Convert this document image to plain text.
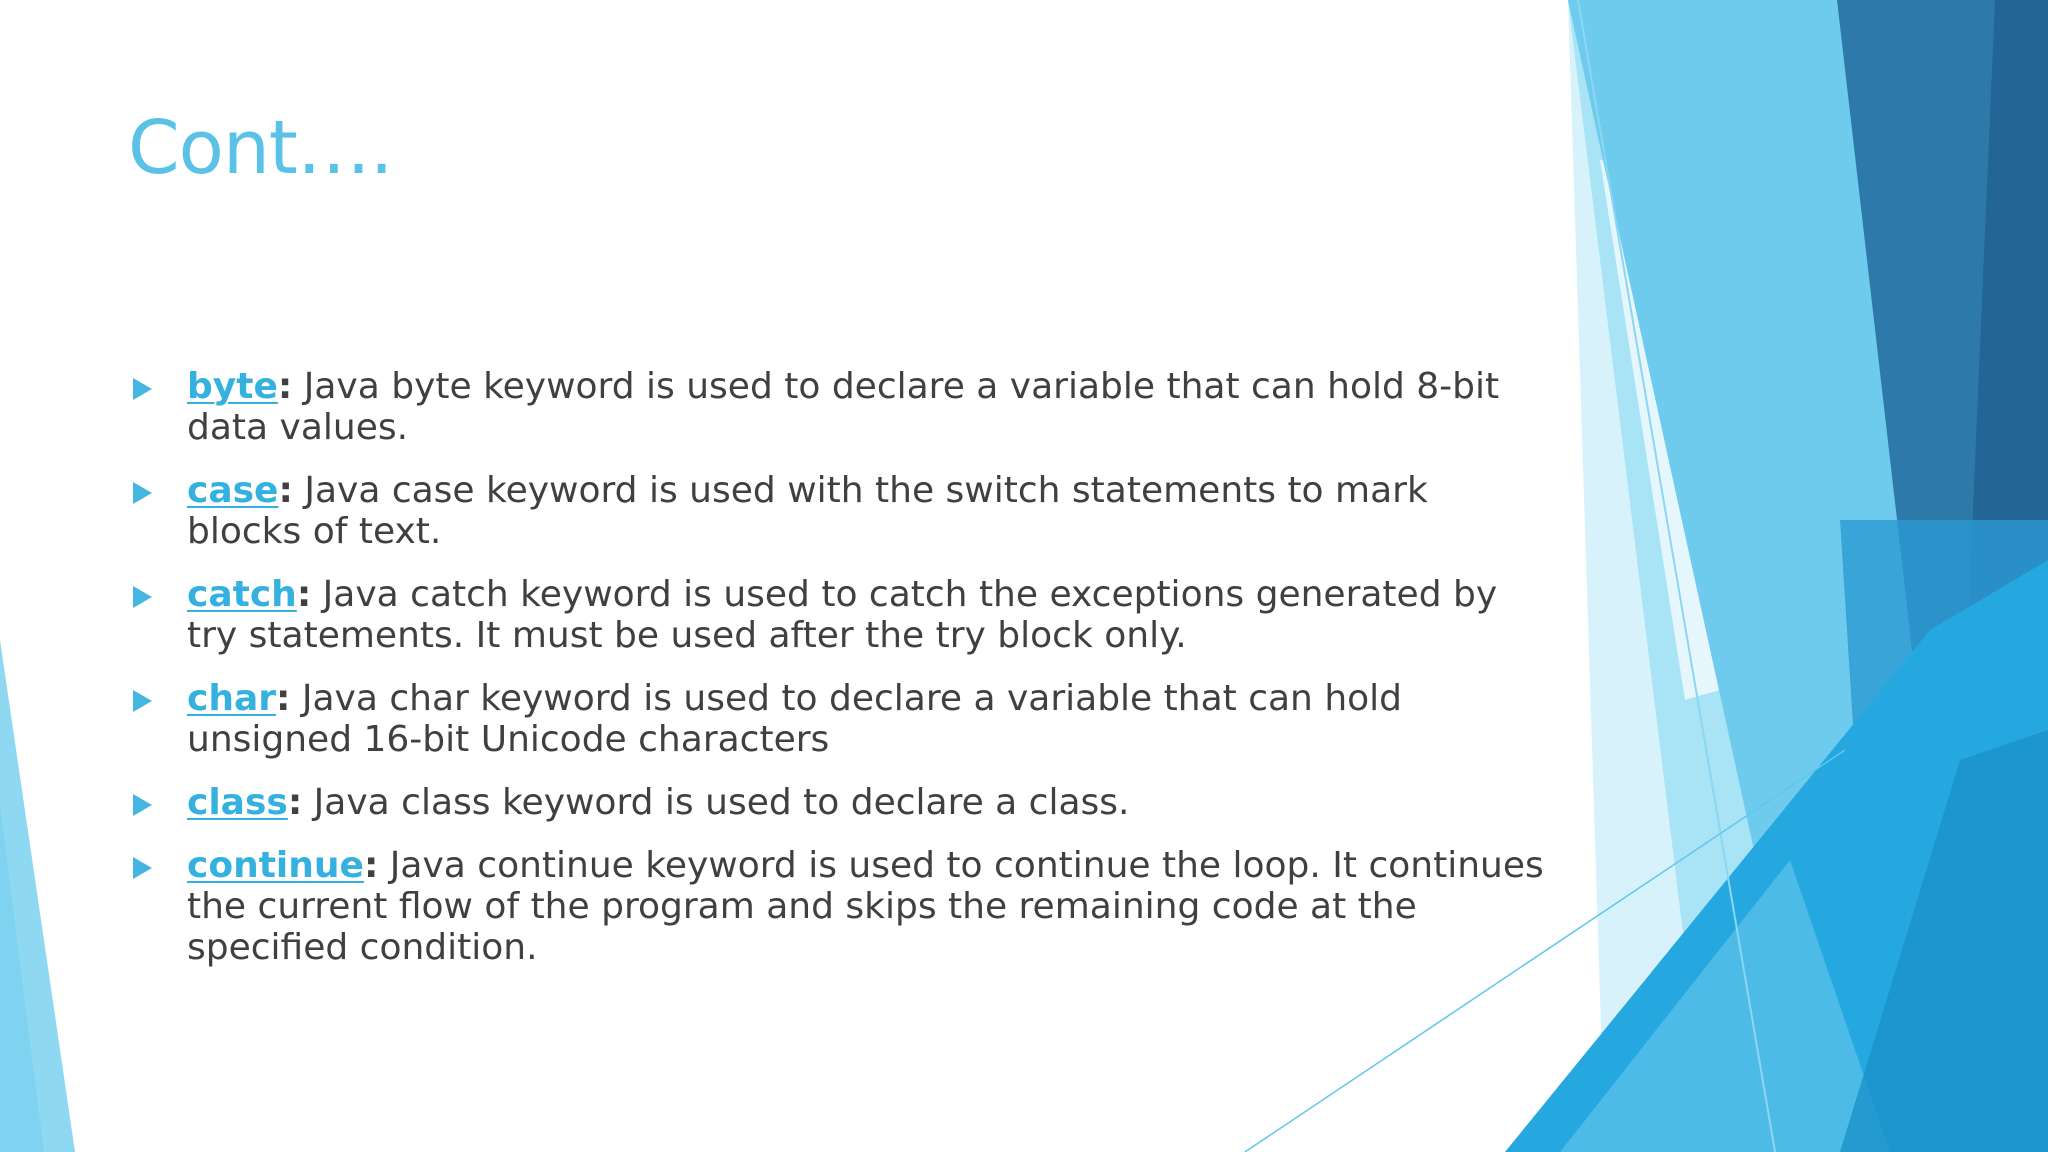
Cont….
byte: Java byte keyword is used to declare a variable that can hold 8-bit data values.
case: Java case keyword is used with the switch statements to mark blocks of text.
catch: Java catch keyword is used to catch the exceptions generated by try statements. It must be used after the try block only.
char: Java char keyword is used to declare a variable that can hold unsigned 16-bit Unicode characters
class: Java class keyword is used to declare a class.
continue: Java continue keyword is used to continue the loop. It continues the current flow of the program and skips the remaining code at the specified condition.
